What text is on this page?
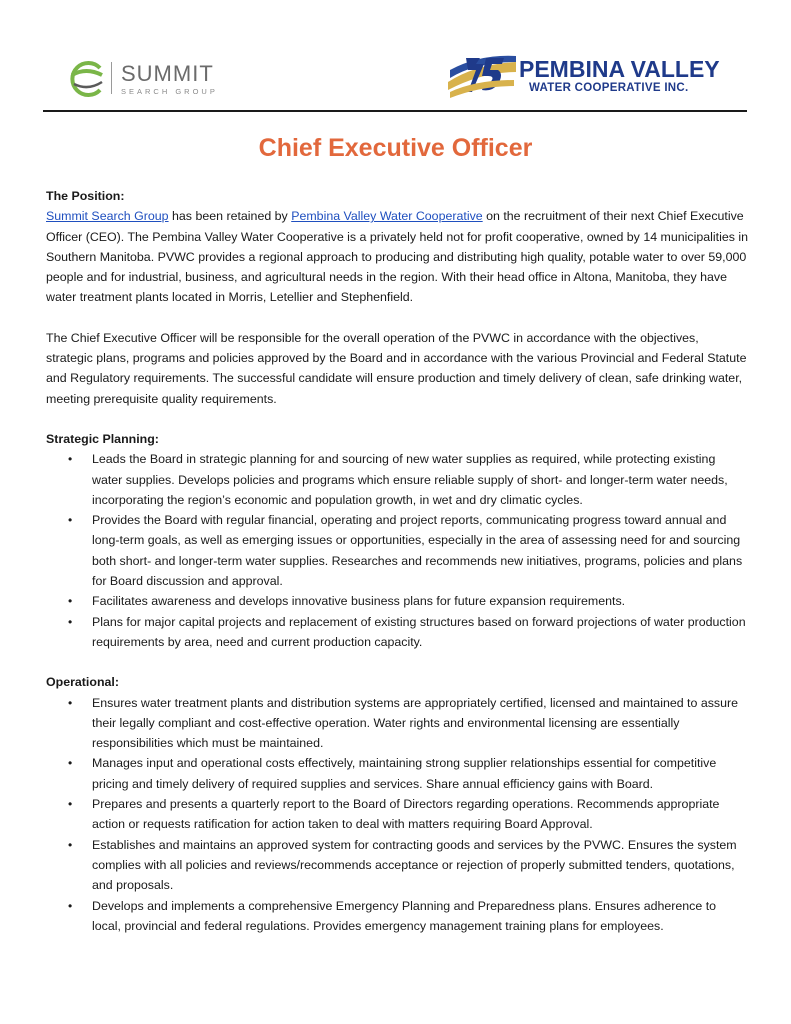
SUMMIT
SEARCH GROUP
PEMBINA VALLEY
WATER COOPERATIVE INC.
Chief Executive Officer

The Position:

Summit Search Group has been retained by Pembina Valley Water Cooperative on the recruitment of their next Chief Executive Officer (CEO). The Pembina Valley Water Cooperative is a privately held not for profit cooperative, owned by 14 municipalities in Southern Manitoba. PVWC provides a regional approach to producing and distributing high quality, potable water to over 59,000 people and for industrial, business, and agricultural needs in the region. With their head office in Altona, Manitoba, they have water treatment plants located in Morris, Letellier and Stephenfield.

The Chief Executive Officer will be responsible for the overall operation of the PVWC in accordance with the objectives, strategic plans, programs and policies approved by the Board and in accordance with the various Provincial and Federal Statute and Regulatory requirements. The successful candidate will ensure production and timely delivery of clean, safe drinking water, meeting prerequisite quality requirements.

Strategic Planning:

• Leads the Board in strategic planning for and sourcing of new water supplies as required, while protecting existing water supplies. Develops policies and programs which ensure reliable supply of short- and longer-term water needs, incorporating the region’s economic and population growth, in wet and dry climatic cycles.
• Provides the Board with regular financial, operating and project reports, communicating progress toward annual and long-term goals, as well as emerging issues or opportunities, especially in the area of assessing need for and sourcing both short- and longer-term water supplies. Researches and recommends new initiatives, programs, policies and plans for Board discussion and approval.
• Facilitates awareness and develops innovative business plans for future expansion requirements.
• Plans for major capital projects and replacement of existing structures based on forward projections of water production requirements by area, need and current production capacity.

Operational:

• Ensures water treatment plants and distribution systems are appropriately certified, licensed and maintained to assure their legally compliant and cost-effective operation. Water rights and environmental licensing are essentially responsibilities which must be maintained.
• Manages input and operational costs effectively, maintaining strong supplier relationships essential for competitive pricing and timely delivery of required supplies and services. Share annual efficiency gains with Board.
• Prepares and presents a quarterly report to the Board of Directors regarding operations. Recommends appropriate action or requests ratification for action taken to deal with matters requiring Board Approval.
• Establishes and maintains an approved system for contracting goods and services by the PVWC. Ensures the system complies with all policies and reviews/recommends acceptance or rejection of properly submitted tenders, quotations, and proposals.
• Develops and implements a comprehensive Emergency Planning and Preparedness plans. Ensures adherence to local, provincial and federal regulations. Provides emergency management training plans for employees.
